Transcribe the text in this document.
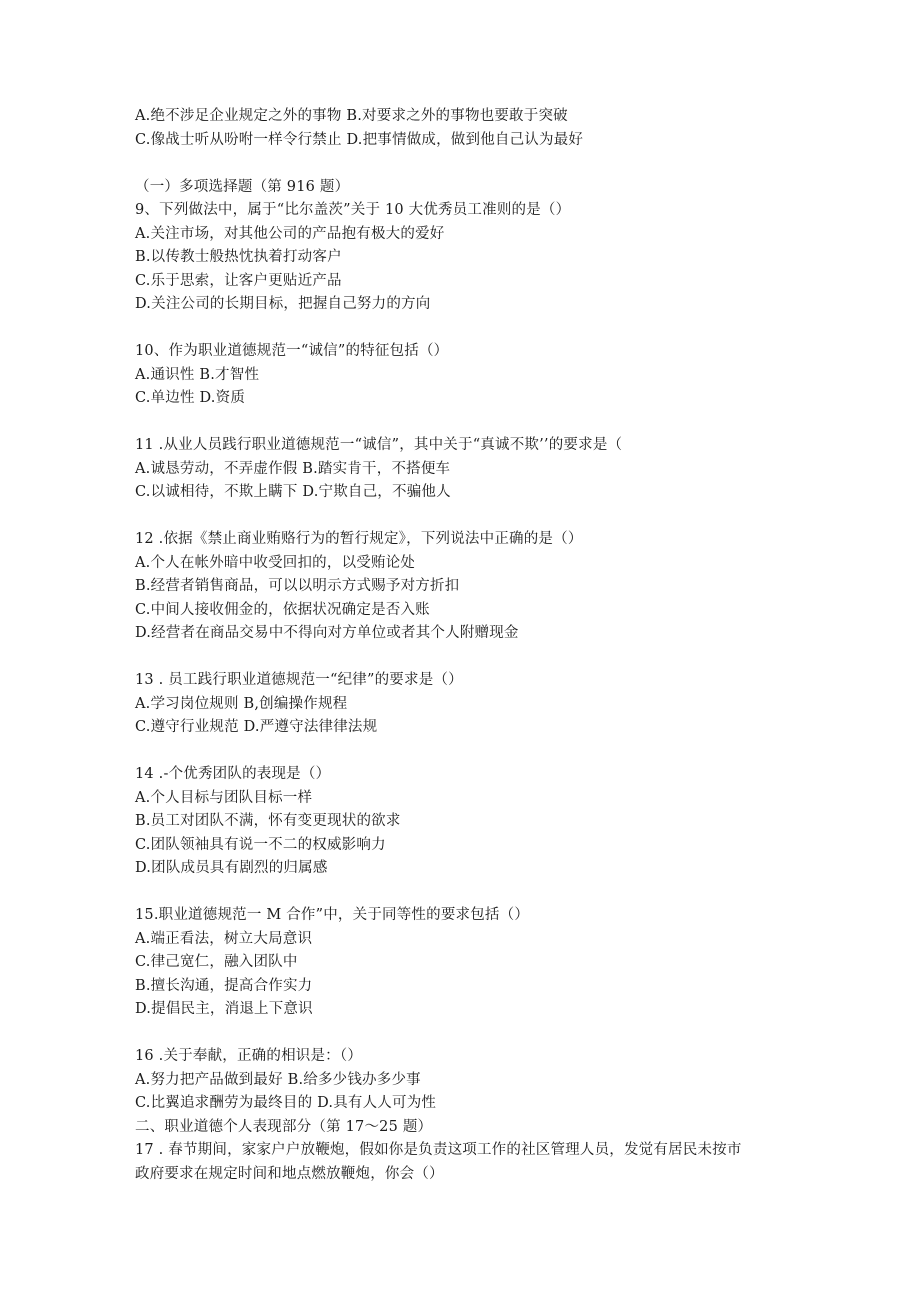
A.绝不涉足企业规定之外的事物 B.对要求之外的事物也要敢于突破
C.像战士听从吩咐一样令行禁止 D.把事情做成，做到他自己认为最好
（一）多项选择题（第 916 题）
9、下列做法中，属于“比尔盖茨”关于 10 大优秀员工准则的是（）
A.关注市场，对其他公司的产品抱有极大的爱好
B.以传教士般热忱执着打动客户
C.乐于思索，让客户更贴近产品
D.关注公司的长期目标，把握自己努力的方向
10、作为职业道德规范一“诚信”的特征包括（）
A.通识性 B.才智性
C.单边性 D.资质
11 .从业人员践行职业道德规范一“诚信”，其中关于“真诚不欺’’的要求是（
A.诚恳劳动，不弄虚作假 B.踏实肯干，不搭便车
C.以诚相待，不欺上瞒下 D.宁欺自己，不骗他人
12 .依据《禁止商业贿赂行为的暂行规定》，下列说法中正确的是（）
A.个人在帐外暗中收受回扣的，以受贿论处
B.经营者销售商品，可以以明示方式赐予对方折扣
C.中间人接收佣金的，依据状况确定是否入账
D.经营者在商品交易中不得向对方单位或者其个人附赠现金
13 . 员工践行职业道德规范一“纪律”的要求是（）
A.学习岗位规则 B,创编操作规程
C.遵守行业规范 D.严遵守法律律法规
14 .-个优秀团队的表现是（）
A.个人目标与团队目标一样
B.员工对团队不满，怀有变更现状的欲求
C.团队领袖具有说一不二的权威影响力
D.团队成员具有剧烈的归属感
15.职业道德规范一 M 合作”中，关于同等性的要求包括（）
A.端正看法，树立大局意识
C.律己宽仁，融入团队中
B.擅长沟通，提高合作实力
D.提倡民主，消退上下意识
16 .关于奉献，正确的相识是：（）
A.努力把产品做到最好 B.给多少钱办多少事
C.比翼追求酬劳为最终目的 D.具有人人可为性
二、职业道德个人表现部分（第 17～25 题）
17 . 春节期间，家家户户放鞭炮，假如你是负责这项工作的社区管理人员，发觉有居民未按市
政府要求在规定时间和地点燃放鞭炮，你会（）
